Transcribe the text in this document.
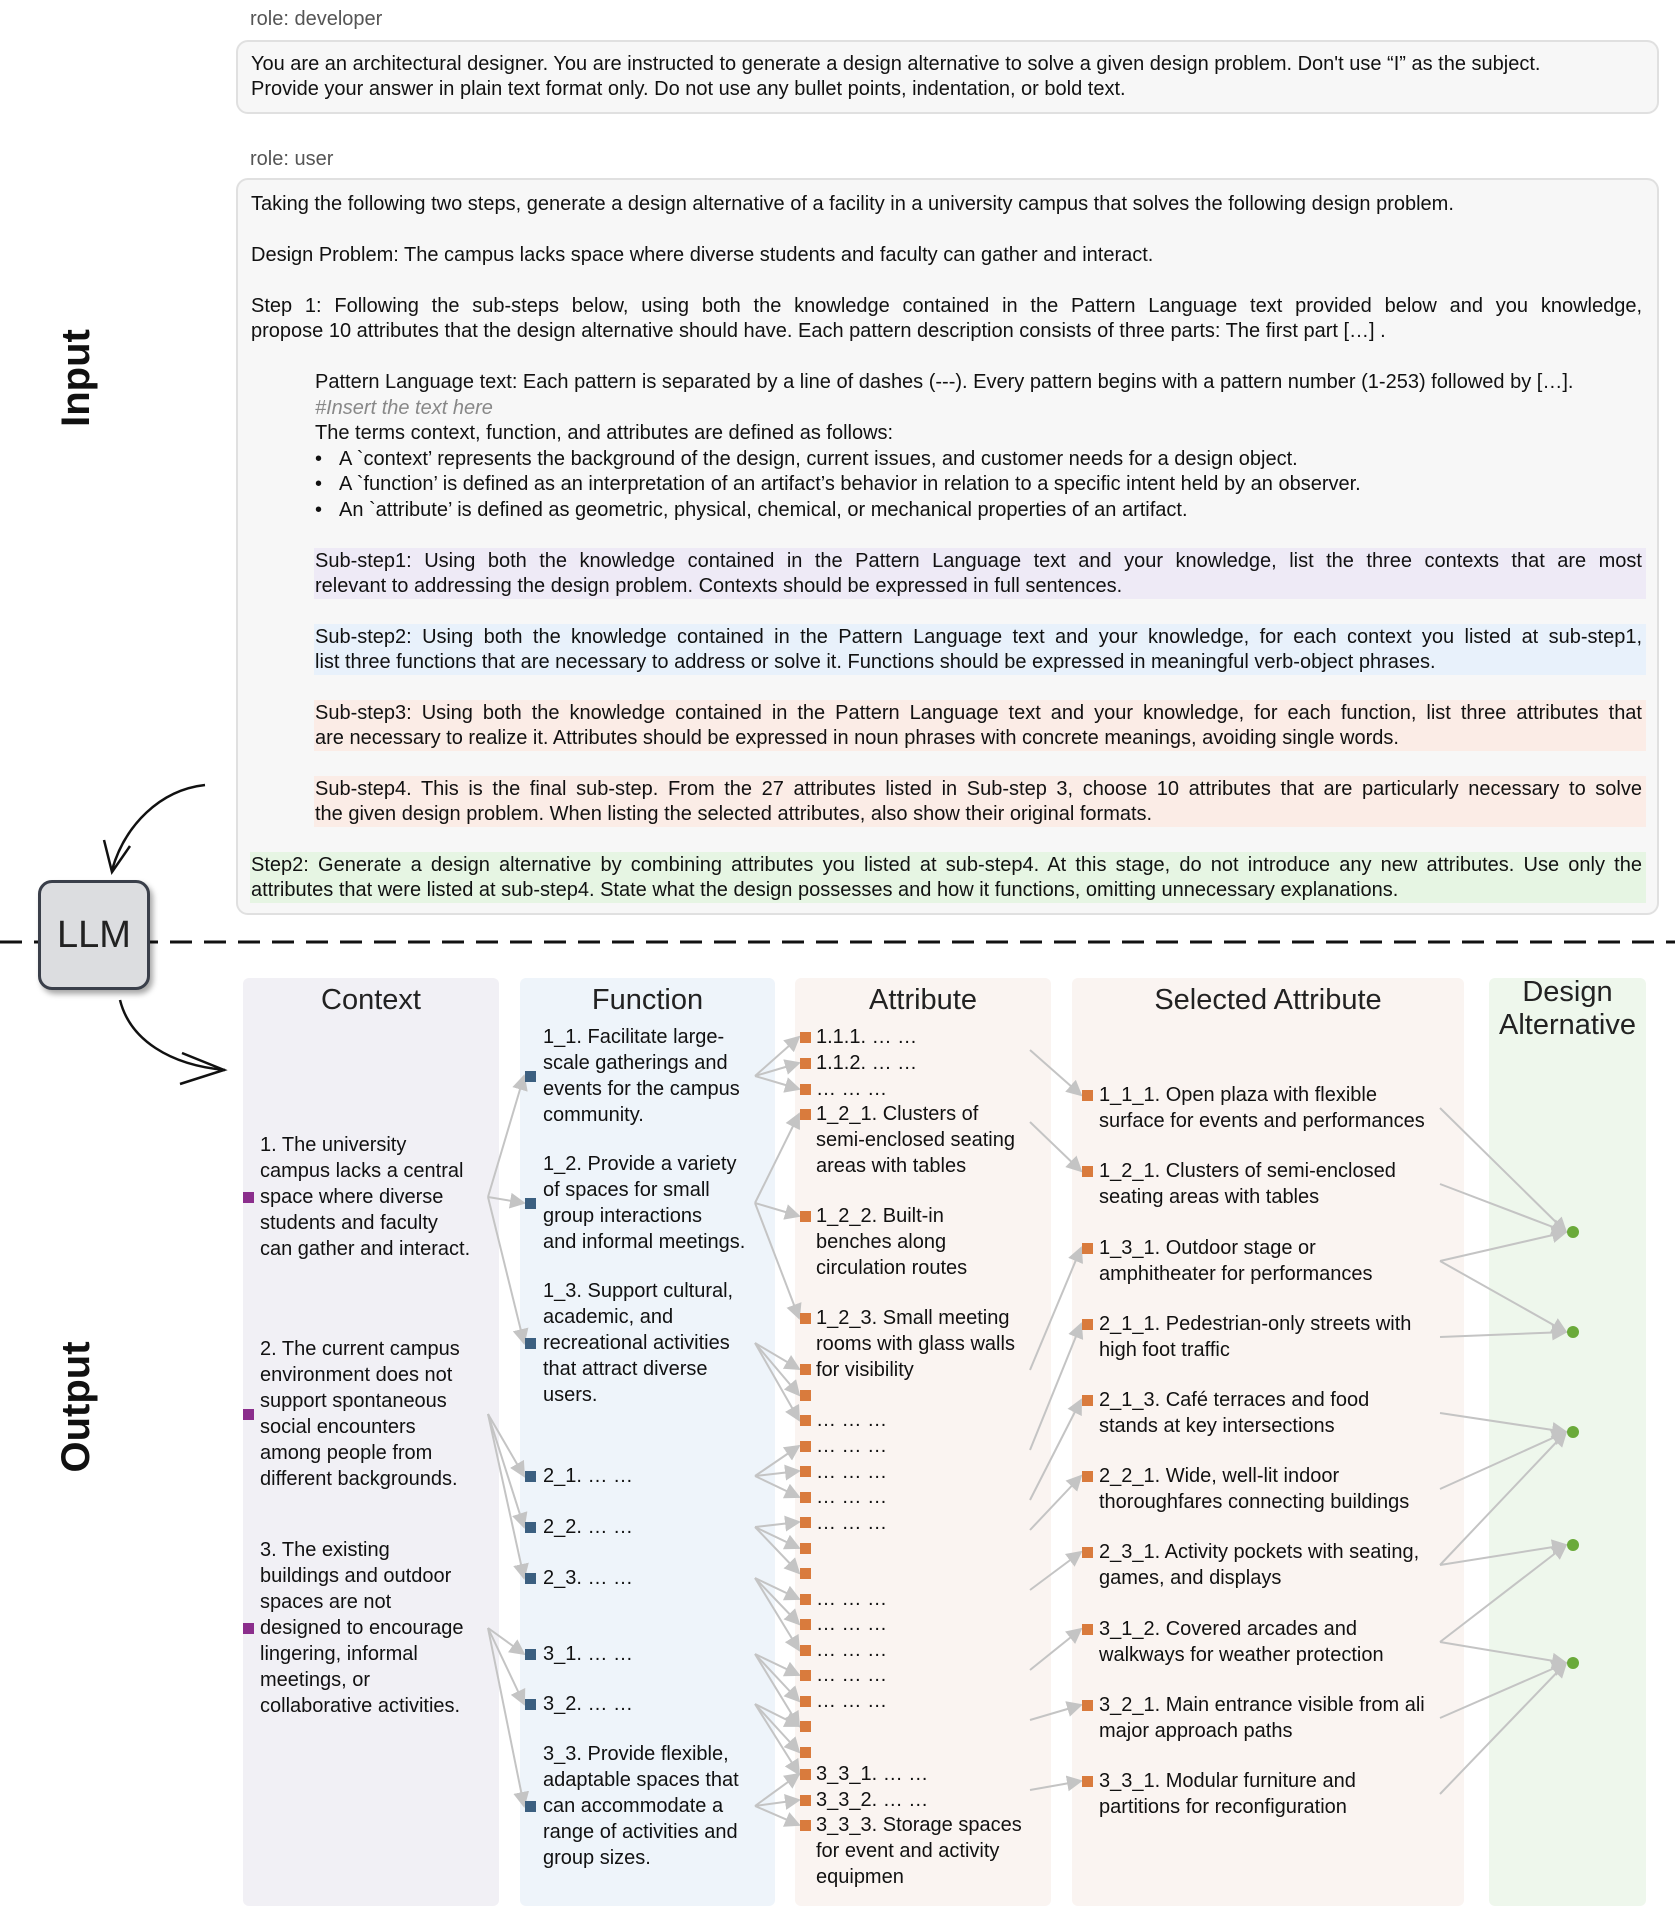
Input
Output
role: developer
You are an architectural designer. You are instructed to generate a design alternative to solve a given design problem. Don't use “I” as the subject.
Provide your answer in plain text format only. Do not use any bullet points, indentation, or bold text.
role: user
Taking the following two steps, generate a design alternative of a facility in a university campus that solves the following design problem.
Design Problem: The campus lacks space where diverse students and faculty can gather and interact.
Step 1: Following the sub-steps below, using both the knowledge contained in the Pattern Language text provided below and you knowledge,
propose 10 attributes that the design alternative should have. Each pattern description consists of three parts: The first part […] .
Pattern Language text: Each pattern is separated by a line of dashes (---). Every pattern begins with a pattern number (1-253) followed by […].
#Insert the text here
The terms context, function, and attributes are defined as follows:
• A `context’ represents the background of the design, current issues, and customer needs for a design object.
• A `function’ is defined as an interpretation of an artifact’s behavior in relation to a specific intent held by an observer.
• An `attribute’ is defined as geometric, physical, chemical, or mechanical properties of an artifact.
Sub-step1: Using both the knowledge contained in the Pattern Language text and your knowledge, list the three contexts that are most
relevant to addressing the design problem. Contexts should be expressed in full sentences.
Sub-step2: Using both the knowledge contained in the Pattern Language text and your knowledge, for each context you listed at sub-step1,
list three functions that are necessary to address or solve it. Functions should be expressed in meaningful verb-object phrases.
Sub-step3: Using both the knowledge contained in the Pattern Language text and your knowledge, for each function, list three attributes that
are necessary to realize it. Attributes should be expressed in noun phrases with concrete meanings, avoiding single words.
Sub-step4. This is the final sub-step. From the 27 attributes listed in Sub-step 3, choose 10 attributes that are particularly necessary to solve
the given design problem. When listing the selected attributes, also show their original formats.
Step2: Generate a design alternative by combining attributes you listed at sub-step4. At this stage, do not introduce any new attributes. Use only the
attributes that were listed at sub-step4. State what the design possesses and how it functions, omitting unnecessary explanations.
LLM
Context	Function	Attribute	Selected Attribute	Design
Alternative
1. The university
campus lacks a central
space where diverse
students and faculty
can gather and interact.
2. The current campus
environment does not
support spontaneous
social encounters
among people from
different backgrounds.
3. The existing
buildings and outdoor
spaces are not
designed to encourage
lingering, informal
meetings, or
collaborative activities.
1_1. Facilitate large-
scale gatherings and
events for the campus
community.
1_2. Provide a variety
of spaces for small
group interactions
and informal meetings.
1_3. Support cultural,
academic, and
recreational activities
that attract diverse
users.
2_1. … …
2_2. … …
2_3. … …
3_1. … …
3_2. … …
3_3. Provide flexible,
adaptable spaces that
can accommodate a
range of activities and
group sizes.
1.1.1. … …
1.1.2. … …
… … …
1_2_1. Clusters of
semi-enclosed seating
areas with tables
1_2_2. Built-in
benches along
circulation routes
1_2_3. Small meeting
rooms with glass walls
for visibility
… … …
… … …
… … …
… … …
… … …
… … …
… … …
… … …
… … …
… … …
3_3_1. … …
3_3_2. … …
3_3_3. Storage spaces
for event and activity
equipmen
1_1_1. Open plaza with flexible
surface for events and performances
1_2_1. Clusters of semi-enclosed
seating areas with tables
1_3_1. Outdoor stage or
amphitheater for performances
2_1_1. Pedestrian-only streets with
high foot traffic
2_1_3. Café terraces and food
stands at key intersections
2_2_1. Wide, well-lit indoor
thoroughfares connecting buildings
2_3_1. Activity pockets with seating,
games, and displays
3_1_2. Covered arcades and
walkways for weather protection
3_2_1. Main entrance visible from ali
major approach paths
3_3_1. Modular furniture and
partitions for reconfiguration
